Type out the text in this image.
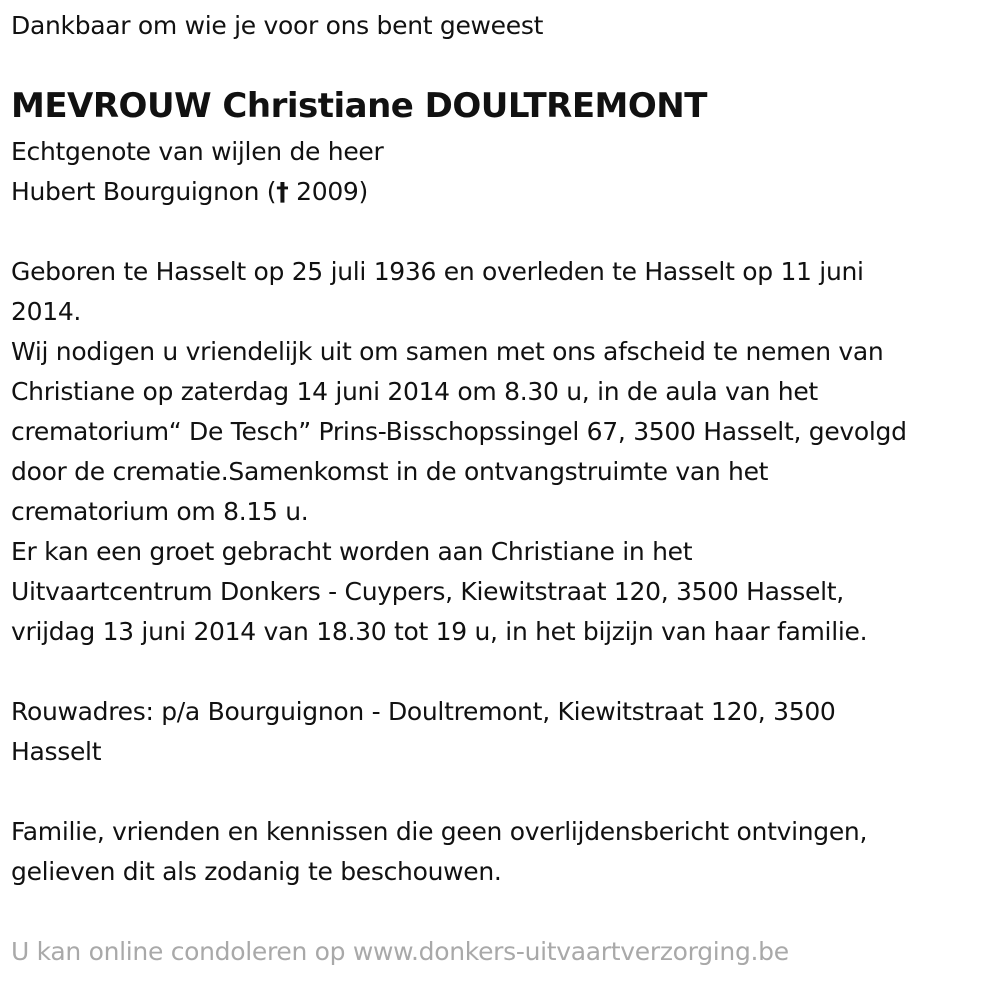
Dankbaar om wie je voor ons bent geweest
MEVROUW Christiane DOULTREMONT
Echtgenote van wijlen de heer
Hubert Bourguignon († 2009)
Geboren te Hasselt op 25 juli 1936 en overleden te Hasselt op 11 juni
2014.
Wij nodigen u vriendelijk uit om samen met ons afscheid te nemen van
Christiane op zaterdag 14 juni 2014 om 8.30 u, in de aula van het
crematorium“ De Tesch” Prins-Bisschopssingel 67, 3500 Hasselt, gevolgd
door de crematie.Samenkomst in de ontvangstruimte van het
crematorium om 8.15 u.
Er kan een groet gebracht worden aan Christiane in het
Uitvaartcentrum Donkers - Cuypers, Kiewitstraat 120, 3500 Hasselt,
vrijdag 13 juni 2014 van 18.30 tot 19 u, in het bijzijn van haar familie.
Rouwadres: p/a Bourguignon - Doultremont, Kiewitstraat 120, 3500
Hasselt
Familie, vrienden en kennissen die geen overlijdensbericht ontvingen,
gelieven dit als zodanig te beschouwen.
U kan online condoleren op www.donkers-uitvaartverzorging.be
